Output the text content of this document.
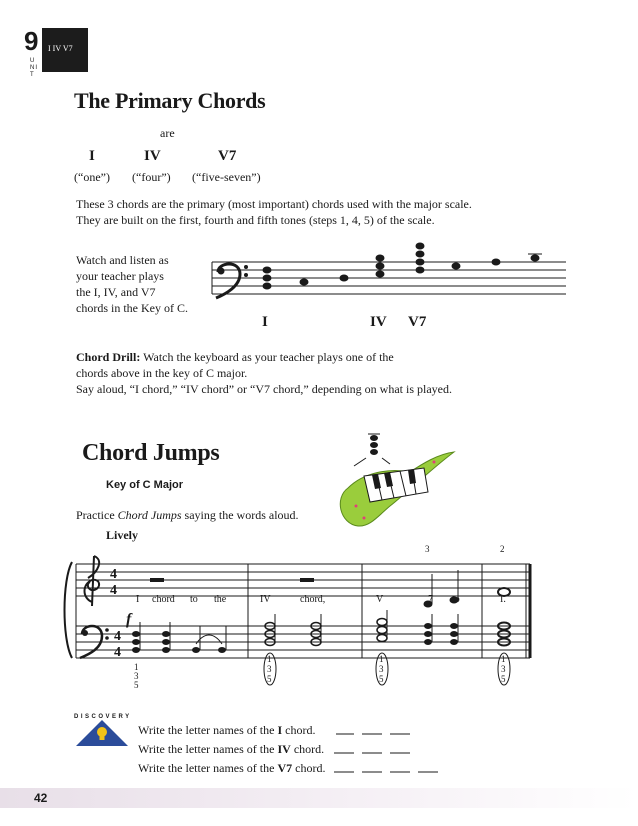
9
UNIT
I IV V7
The Primary Chords
are
I	IV	V7
(“one”) (“four”) (“five-seven”)
These 3 chords are the primary (most important) chords used with the major scale.
They are built on the first, fourth and fifth tones (steps 1, 4, 5) of the scale.
Watch and listen as
your teacher plays
the I, IV, and V7
chords in the Key of C.
I	IV V7
Chord Drill: Watch the keyboard as your teacher plays one of the
chords above in the key of C major.
Say aloud, “I chord,” “IV chord” or “V7 chord,” depending on what is played.
Chord Jumps
Key of C Major
Practice Chord Jumps saying the words aloud.
Lively
4
4
4
4
f
3	2
1
3
5
1
3
5
1
3
5
1
3
5
I chord to the	IV	chord,	V	7 to	I.
DISCOVERY
Write the letter names of the I chord.
Write the letter names of the IV chord.
Write the letter names of the V7 chord.
42
